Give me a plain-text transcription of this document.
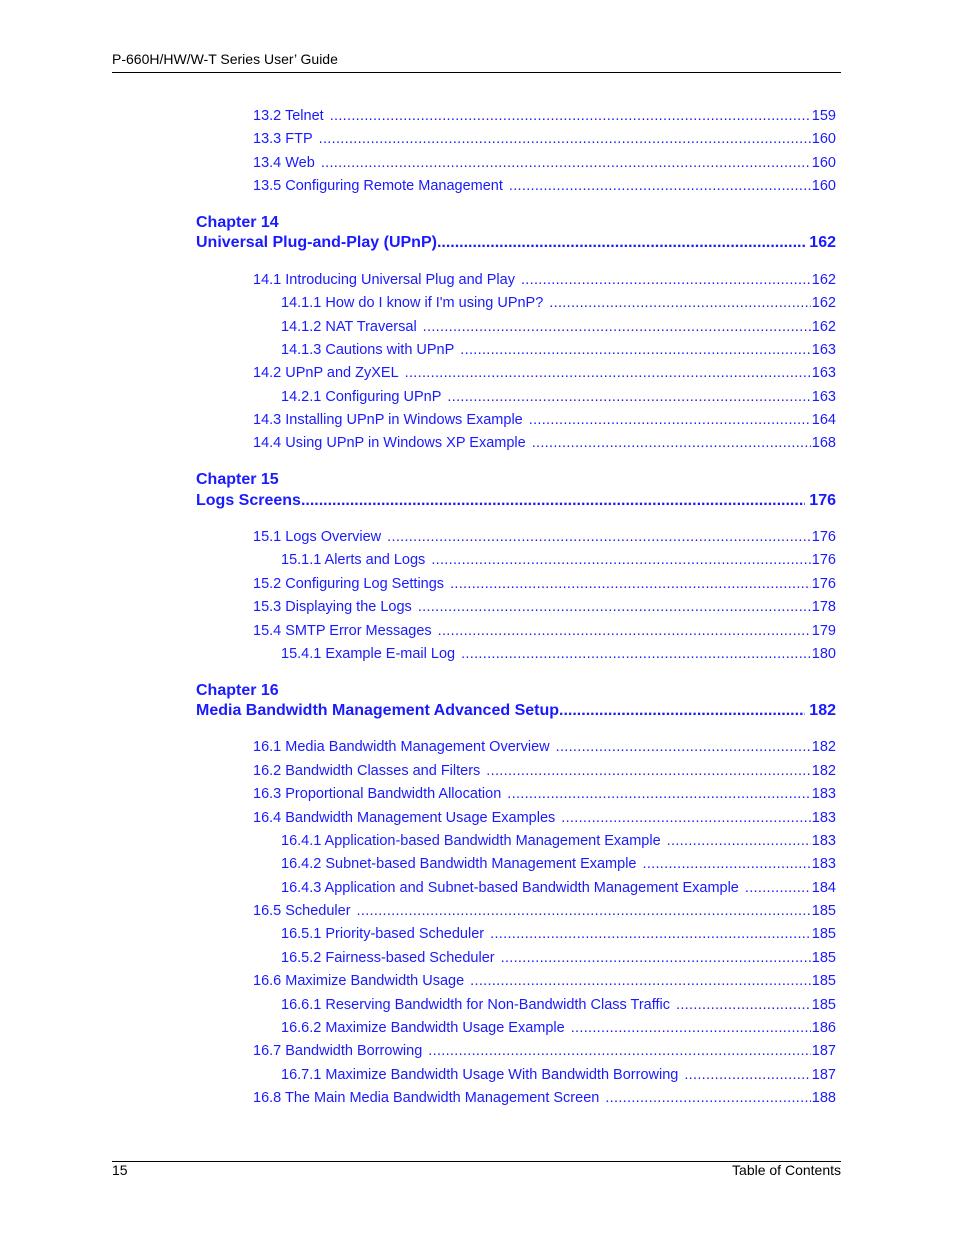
P-660H/HW/W-T Series User’ Guide
13.2 Telnet .....	159
13.3 FTP .....	160
13.4 Web .....	160
13.5 Configuring Remote Management .....	160
Chapter 14
Universal Plug-and-Play (UPnP) .....	162
14.1 Introducing Universal Plug and Play .....	162
14.1.1 How do I know if I'm using UPnP? .....	162
14.1.2 NAT Traversal .....	162
14.1.3 Cautions with UPnP .....	163
14.2 UPnP and ZyXEL .....	163
14.2.1 Configuring UPnP .....	163
14.3 Installing UPnP in Windows Example .....	164
14.4 Using UPnP in Windows XP Example .....	168
Chapter 15
Logs Screens .....	176
15.1 Logs Overview .....	176
15.1.1 Alerts and Logs .....	176
15.2 Configuring Log Settings .....	176
15.3 Displaying the Logs .....	178
15.4 SMTP Error Messages .....	179
15.4.1 Example E-mail Log .....	180
Chapter 16
Media Bandwidth Management Advanced Setup .....	182
16.1 Media Bandwidth Management Overview .....	182
16.2 Bandwidth Classes and Filters .....	182
16.3 Proportional Bandwidth Allocation .....	183
16.4 Bandwidth Management Usage Examples .....	183
16.4.1 Application-based Bandwidth Management Example .....	183
16.4.2 Subnet-based Bandwidth Management Example .....	183
16.4.3 Application and Subnet-based Bandwidth Management Example .....	184
16.5 Scheduler .....	185
16.5.1 Priority-based Scheduler .....	185
16.5.2 Fairness-based Scheduler .....	185
16.6 Maximize Bandwidth Usage .....	185
16.6.1 Reserving Bandwidth for Non-Bandwidth Class Traffic .....	185
16.6.2 Maximize Bandwidth Usage Example .....	186
16.7 Bandwidth Borrowing .....	187
16.7.1 Maximize Bandwidth Usage With Bandwidth Borrowing .....	187
16.8 The Main Media Bandwidth Management Screen .....	188
15	Table of Contents
